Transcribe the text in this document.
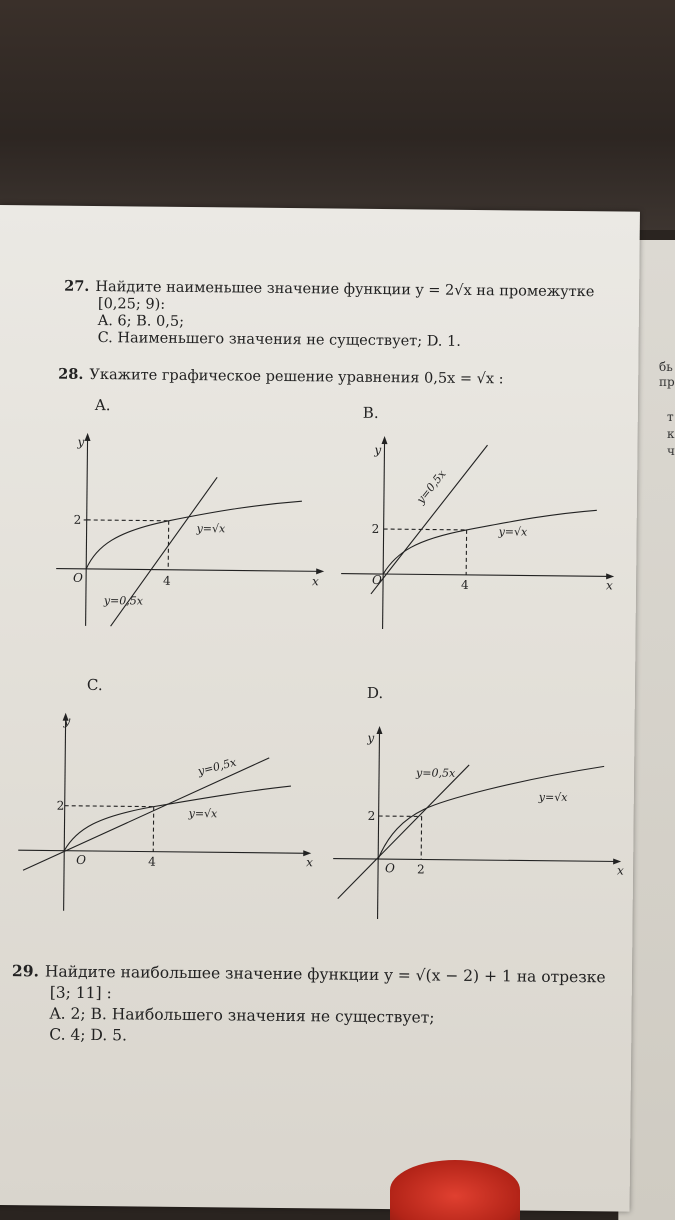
бь
пр
т
к
ч
27. Найдите наименьшее значение функции y = 2√x на промежутке
[0,25; 9):
A. 6; B. 0,5;
C. Наименьшего значения не существует; D. 1.
28. Укажите графическое решение уравнения 0,5x = √x :
A.	B.
C.	D.
y
x
O
2
4
y=√x
y=0,5x
y
x
O
2
4
y=√x
y=0,5x
y
x
O
2
4
y=√x
y=0,5x
y
x
O
2
2
y=√x
y=0,5x
29. Найдите наибольшее значение функции y = √(x − 2) + 1 на отрезке
[3; 11] :
A. 2; B. Наибольшего значения не существует;
C. 4; D. 5.
